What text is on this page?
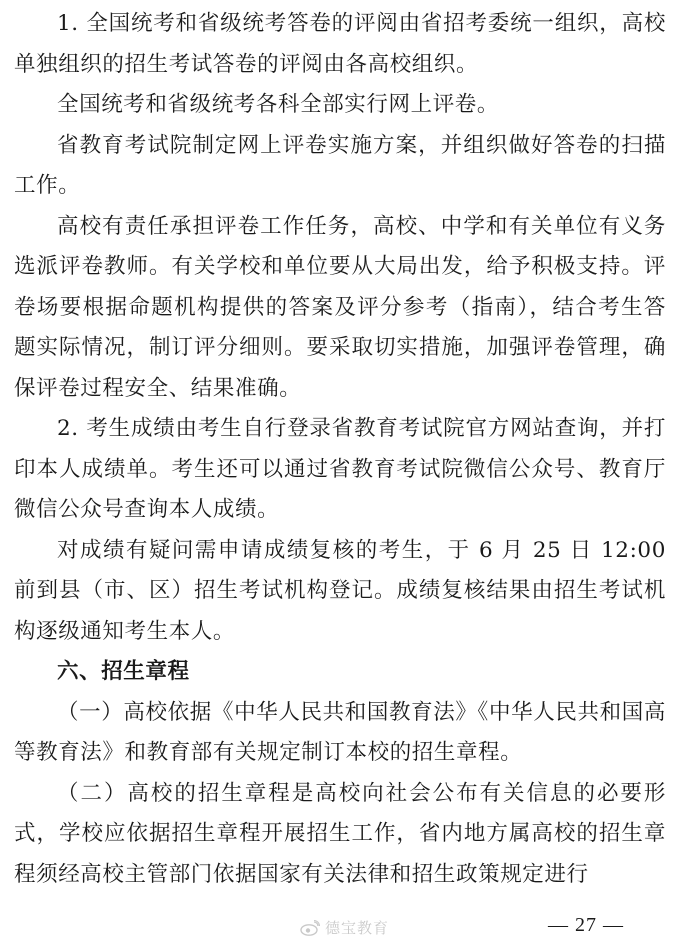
1. 全国统考和省级统考答卷的评阅由省招考委统一组织，高校单独组织的招生考试答卷的评阅由各高校组织。

全国统考和省级统考各科全部实行网上评卷。

省教育考试院制定网上评卷实施方案，并组织做好答卷的扫描工作。

高校有责任承担评卷工作任务，高校、中学和有关单位有义务选派评卷教师。有关学校和单位要从大局出发，给予积极支持。评卷场要根据命题机构提供的答案及评分参考（指南），结合考生答题实际情况，制订评分细则。要采取切实措施，加强评卷管理，确保评卷过程安全、结果准确。

2. 考生成绩由考生自行登录省教育考试院官方网站查询，并打印本人成绩单。考生还可以通过省教育考试院微信公众号、教育厅微信公众号查询本人成绩。

对成绩有疑问需申请成绩复核的考生，于 6 月 25 日 12:00 前到县（市、区）招生考试机构登记。成绩复核结果由招生考试机构逐级通知考生本人。

六、招生章程

（一）高校依据《中华人民共和国教育法》《中华人民共和国高等教育法》和教育部有关规定制订本校的招生章程。

（二）高校的招生章程是高校向社会公布有关信息的必要形式，学校应依据招生章程开展招生工作，省内地方属高校的招生章程须经高校主管部门依据国家有关法律和招生政策规定进行

德宝教育	— 27 —
